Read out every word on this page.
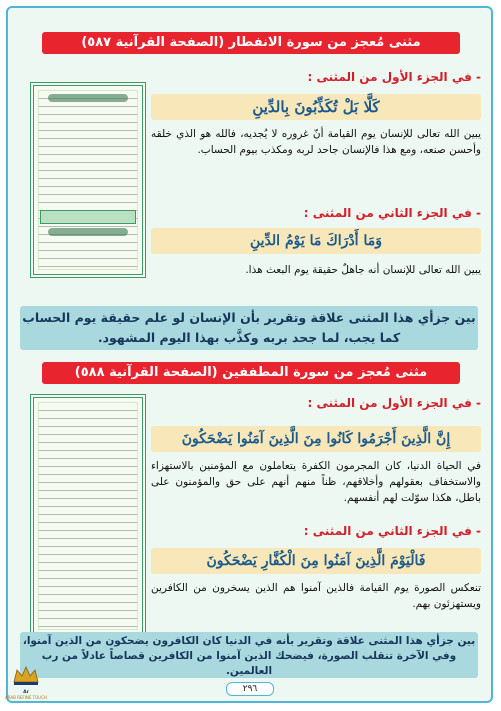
مثنى مُعجز من سورة الانفطار (الصفحة القرآنية ٥٨٧)
- في الجزء الأول من المثنى :
كَلَّا بَلْ تُكَذِّبُونَ بِالدِّينِ
يبين الله تعالى للإنسان يوم القيامة أنّ غروره لا يُجديه، فالله هو الذي خلقه وأحسن صنعه، ومع هذا فالإنسان جاحد لربه ومكذب بيوم الحساب.
- في الجزء الثاني من المثنى :
وَمَا أَدْرَاكَ مَا يَوْمُ الدِّينِ
يبين الله تعالى للإنسان أنه جاهلٌ حقيقة يوم البعث هذا.
بين جزأي هذا المثنى علاقة وتقرير بأن الإنسان لو علم حقيقة يوم الحساب كما يجب، لما جحد بربه وكذَّب بهذا اليوم المشهود.
مثنى مُعجز من سورة المطففين (الصفحة القرآنية ٥٨٨)
- في الجزء الأول من المثنى :
إِنَّ الَّذِينَ أَجْرَمُوا كَانُوا مِنَ الَّذِينَ آمَنُوا يَضْحَكُونَ
في الحياة الدنيا، كان المجرمون الكفرة يتعاملون مع المؤمنين بالاستهزاء والاستخفاف بعقولهم وأخلاقهم، ظناً منهم أنهم على حق والمؤمنون على باطل، هكذا سوّلت لهم أنفسهم.
- في الجزء الثاني من المثنى :
فَالْيَوْمَ الَّذِينَ آمَنُوا مِنَ الْكُفَّارِ يَضْحَكُونَ
تنعكس الصورة يوم القيامة فالذين آمنوا هم الذين يسخرون من الكافرين ويستهزئون بهم.
بين جزأي هذا المثنى علاقة وتقرير بأنه في الدنيا كان الكافرون يضحكون من الذين آمنوا، وفي الآخرة تنقلب الصورة، فيضحك الذين آمنوا من الكافرين قصاصاً عادلاً من رب العالمين.
٢٩٦
Ar
ARAB REFINE TOUCH
